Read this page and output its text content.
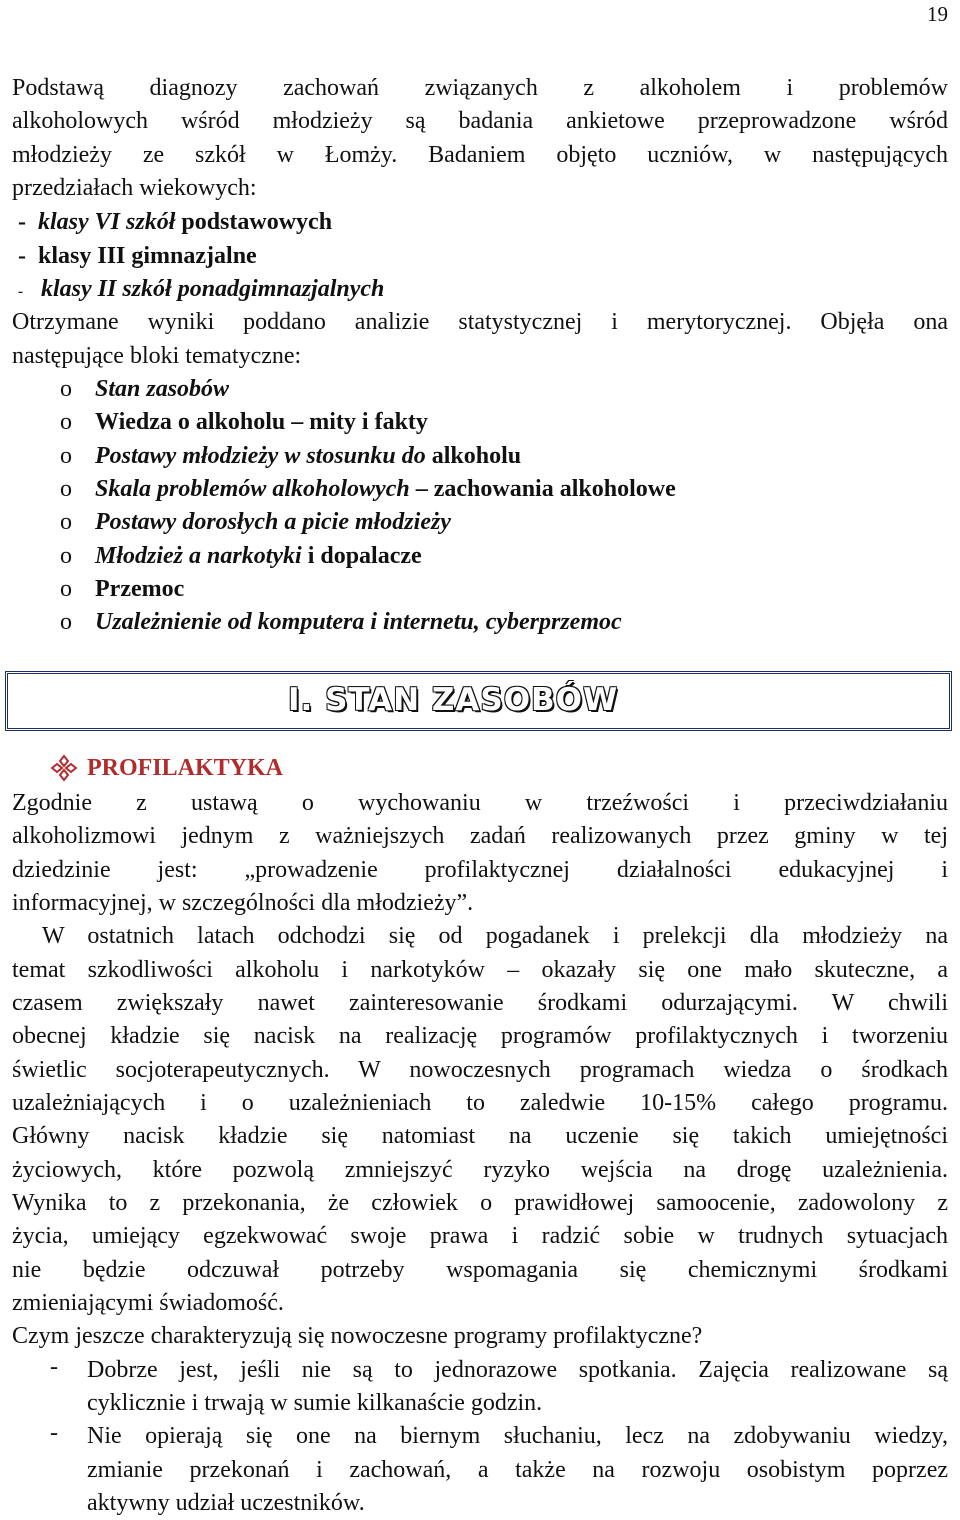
19
Podstawą diagnozy zachowań związanych z alkoholem i problemów
alkoholowych wśród młodzieży są badania ankietowe przeprowadzone wśród
młodzieży ze szkół w Łomży. Badaniem objęto uczniów, w następujących
przedziałach wiekowych:
- klasy VI szkół podstawowych
- klasy III gimnazjalne
- klasy II szkół ponadgimnazjalnych
Otrzymane wyniki poddano analizie statystycznej i merytorycznej. Objęła ona
następujące bloki tematyczne:
o Stan zasobów
o Wiedza o alkoholu – mity i fakty
o Postawy młodzieży w stosunku do alkoholu
o Skala problemów alkoholowych – zachowania alkoholowe
o Postawy dorosłych a picie młodzieży
o Młodzież a narkotyki i dopalacze
o Przemoc
o Uzależnienie od komputera i internetu, cyberprzemoc
I. STAN ZASOBÓW
PROFILAKTYKA
Zgodnie z ustawą o wychowaniu w trzeźwości i przeciwdziałaniu
alkoholizmowi jednym z ważniejszych zadań realizowanych przez gminy w tej
dziedzinie jest: „prowadzenie profilaktycznej działalności edukacyjnej i
informacyjnej, w szczególności dla młodzieży”.
W ostatnich latach odchodzi się od pogadanek i prelekcji dla młodzieży na
temat szkodliwości alkoholu i narkotyków – okazały się one mało skuteczne, a
czasem zwiększały nawet zainteresowanie środkami odurzającymi. W chwili
obecnej kładzie się nacisk na realizację programów profilaktycznych i tworzeniu
świetlic socjoterapeutycznych. W nowoczesnych programach wiedza o środkach
uzależniających i o uzależnieniach to zaledwie 10-15% całego programu.
Główny nacisk kładzie się natomiast na uczenie się takich umiejętności
życiowych, które pozwolą zmniejszyć ryzyko wejścia na drogę uzależnienia.
Wynika to z przekonania, że człowiek o prawidłowej samoocenie, zadowolony z
życia, umiejący egzekwować swoje prawa i radzić sobie w trudnych sytuacjach
nie będzie odczuwał potrzeby wspomagania się chemicznymi środkami
zmieniającymi świadomość.
Czym jeszcze charakteryzują się nowoczesne programy profilaktyczne?
- Dobrze jest, jeśli nie są to jednorazowe spotkania. Zajęcia realizowane są
cyklicznie i trwają w sumie kilkanaście godzin.
- Nie opierają się one na biernym słuchaniu, lecz na zdobywaniu wiedzy,
zmianie przekonań i zachowań, a także na rozwoju osobistym poprzez
aktywny udział uczestników.
